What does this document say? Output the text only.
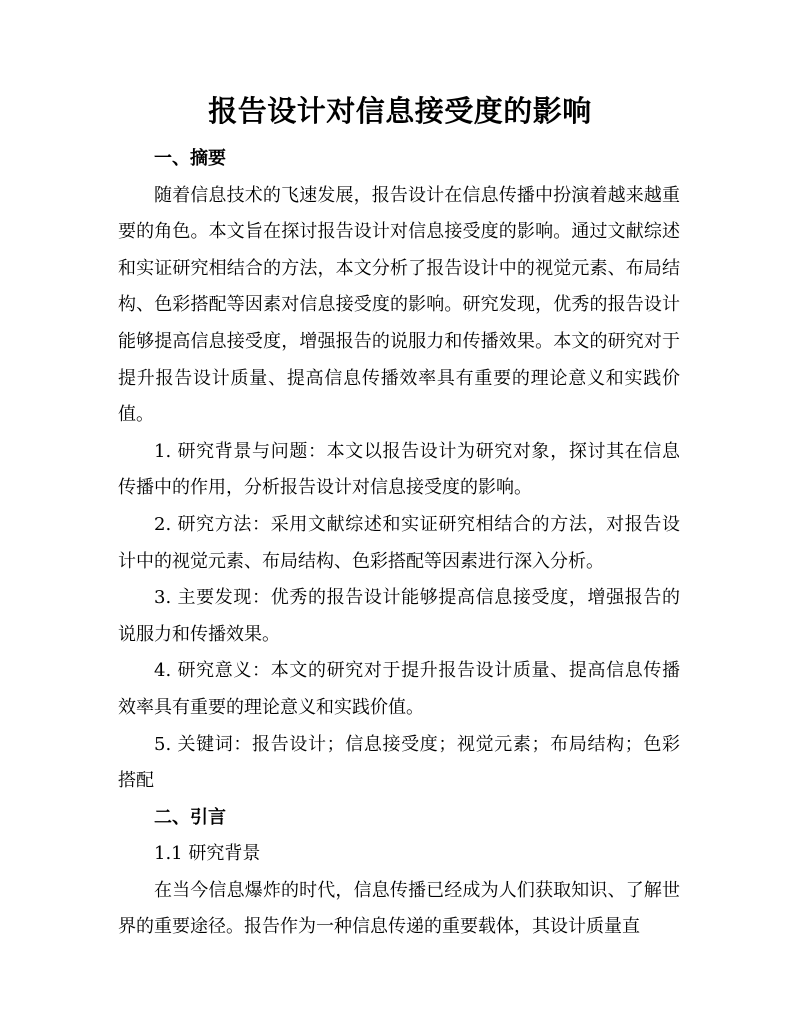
报告设计对信息接受度的影响

一、摘要

随着信息技术的飞速发展，报告设计在信息传播中扮演着越来越重要的角色。本文旨在探讨报告设计对信息接受度的影响。通过文献综述和实证研究相结合的方法，本文分析了报告设计中的视觉元素、布局结构、色彩搭配等因素对信息接受度的影响。研究发现，优秀的报告设计能够提高信息接受度，增强报告的说服力和传播效果。本文的研究对于提升报告设计质量、提高信息传播效率具有重要的理论意义和实践价值。

1. 研究背景与问题：本文以报告设计为研究对象，探讨其在信息传播中的作用，分析报告设计对信息接受度的影响。

2. 研究方法：采用文献综述和实证研究相结合的方法，对报告设计中的视觉元素、布局结构、色彩搭配等因素进行深入分析。

3. 主要发现：优秀的报告设计能够提高信息接受度，增强报告的说服力和传播效果。

4. 研究意义：本文的研究对于提升报告设计质量、提高信息传播效率具有重要的理论意义和实践价值。

5. 关键词：报告设计；信息接受度；视觉元素；布局结构；色彩搭配

二、引言

1.1 研究背景

在当今信息爆炸的时代，信息传播已经成为人们获取知识、了解世界的重要途径。报告作为一种信息传递的重要载体，其设计质量直
